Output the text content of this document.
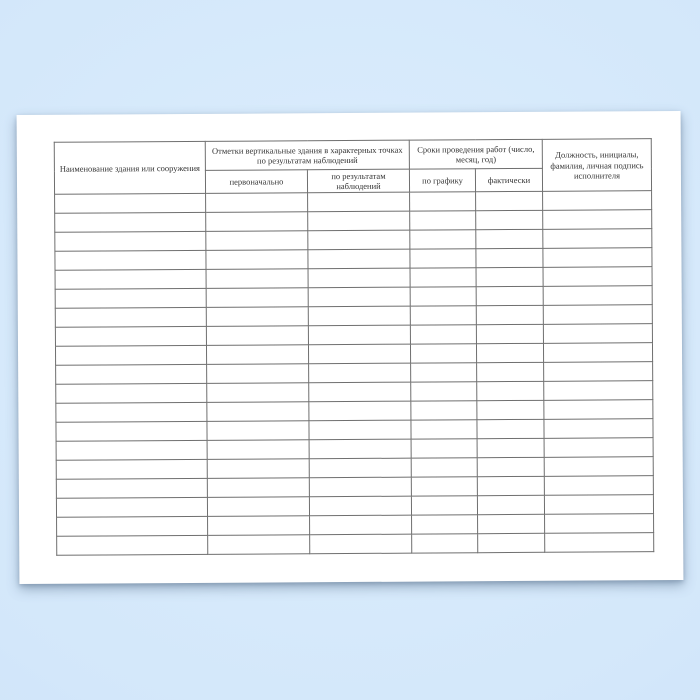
Наименование здания или сооружения	Отметки вертикальные здания в характерных точках по результатам наблюдений		Сроки проведения работ (число, месяц, год)		Должность, инициалы, фамилия, личная подпись исполнителя
	первоначально	по результатам наблюдений	по графику	фактически	
